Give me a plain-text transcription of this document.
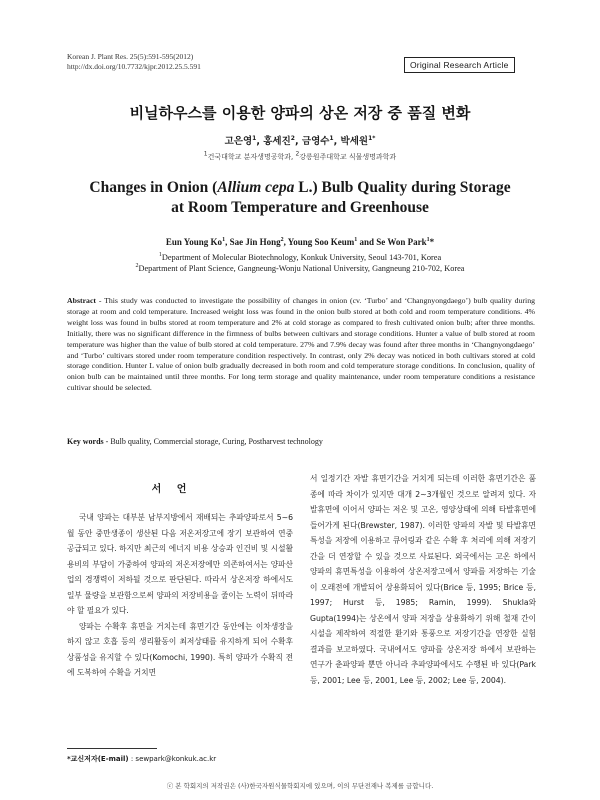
Korean J. Plant Res. 25(5):591-595(2012)
http://dx.doi.org/10.7732/kjpr.2012.25.5.591	Original Research Article
비닐하우스를 이용한 양파의 상온 저장 중 품질 변화
고은영$^1$, 홍세진$^2$, 금영수$^1$, 박세원$^{1*}$
$^1$건국대학교 분자생명공학과, $^2$강릉원주대학교 식물생명과학과
Changes in Onion (Allium cepa L.) Bulb Quality during Storage
at Room Temperature and Greenhouse
Eun Young Ko$^1$, Sae Jin Hong$^2$, Young Soo Keum$^1$ and Se Won Park$^1$*
$^1$Department of Molecular Biotechnology, Konkuk University, Seoul 143-701, Korea
$^2$Department of Plant Science, Gangneung-Wonju National University, Gangneung 210-702, Korea
Abstract - This study was conducted to investigate the possibility of changes in onion (cv. ‘Turbo’ and ‘Changnyongdaego’) bulb quality during storage at room and cold temperature. Increased weight loss was found in the onion bulb stored at both cold and room temperature conditions. 4% weight loss was found in bulbs stored at room temperature and 2% at cold storage as compared to fresh cultivated onion bulb; after three months. Initially, there was no significant difference in the firmness of bulbs between cultivars and storage conditions. Hunter a value of bulb stored at room temperature was higher than the value of bulb stored at cold temperature. 27% and 7.9% decay was found after three months in ‘Changnyongdaego’ and ‘Turbo’ cultivars stored under room temperature condition respectively. In contrast, only 2% decay was noticed in both cultivars stored at cold storage condition. Hunter L value of onion bulb gradually decreased in both room and cold temperature storage conditions. In conclusion, quality of onion bulb can be maintained until three months. For long term storage and quality maintenance, under room temperature conditions a resistance cultivar should be selected.
Key words - Bulb quality, Commercial storage, Curing, Postharvest technology
서 언

국내 양파는 대부분 남부지방에서 재배되는 추파양파로서 5∼6월 동안 중만생종이 생산된 다음 저온저장고에 장기 보관하여 연중 공급되고 있다. 하지만 최근의 에너지 비용 상승과 인건비 및 시설활용비의 부담이 가중하여 양파의 저온저장에만 의존하여서는 양파산업의 경쟁력이 저하될 것으로 판단된다. 따라서 상온저장 하에서도 일부 물량을 보관함으로써 양파의 저장비용을 줄이는 노력이 뒤따라야 할 필요가 있다.

양파는 수확후 휴면을 거치는데 휴면기간 동안에는 이차생장을 하지 않고 호흡 등의 생리활동이 최저상태를 유지하게 되어 수확후 상품성을 유지할 수 있다(Komochi, 1990). 특히 양파가 수확직 전에 도복하여 수확을 거치면

서 일정기간 자발 휴면기간을 거치게 되는데 이러한 휴면기간은 품종에 따라 차이가 있지만 대개 2∼3개월인 것으로 알려져 있다. 자발휴면에 이어서 양파는 저온 및 고온, 영양상태에 의해 타발휴면에 들어가게 된다(Brewster, 1987). 이러한 양파의 자발 및 타발휴면 특성을 저장에 이용하고 큐어링과 같은 수확 후 처리에 의해 저장기간을 더 연장할 수 있을 것으로 사료된다. 외국에서는 고온 하에서 양파의 휴면특성을 이용하여 상온저장고에서 양파를 저장하는 기술이 오래전에 개발되어 상용화되어 있다(Brice 등, 1995; Brice 등, 1997; Hurst 등, 1985; Ramin, 1999). Shukla와 Gupta(1994)는 상온에서 양파 저장을 상용화하기 위해 철재 간이 시설을 제작하여 적절한 환기와 통풍으로 저장기간을 연장한 실험 결과를 보고하였다. 국내에서도 양파를 상온저장 하에서 보관하는 연구가 춘파양파 뿐만 아니라 추파양파에서도 수행된 바 있다(Park 등, 2001; Lee 등, 2001, Lee 등, 2002; Lee 등, 2004).

*교신저자(E-mail) : sewpark@konkuk.ac.kr
ⓒ 본 학회지의 저작권은 (사)한국자원식물학회지에 있으며, 이의 무단전재나 복제를 금합니다.
